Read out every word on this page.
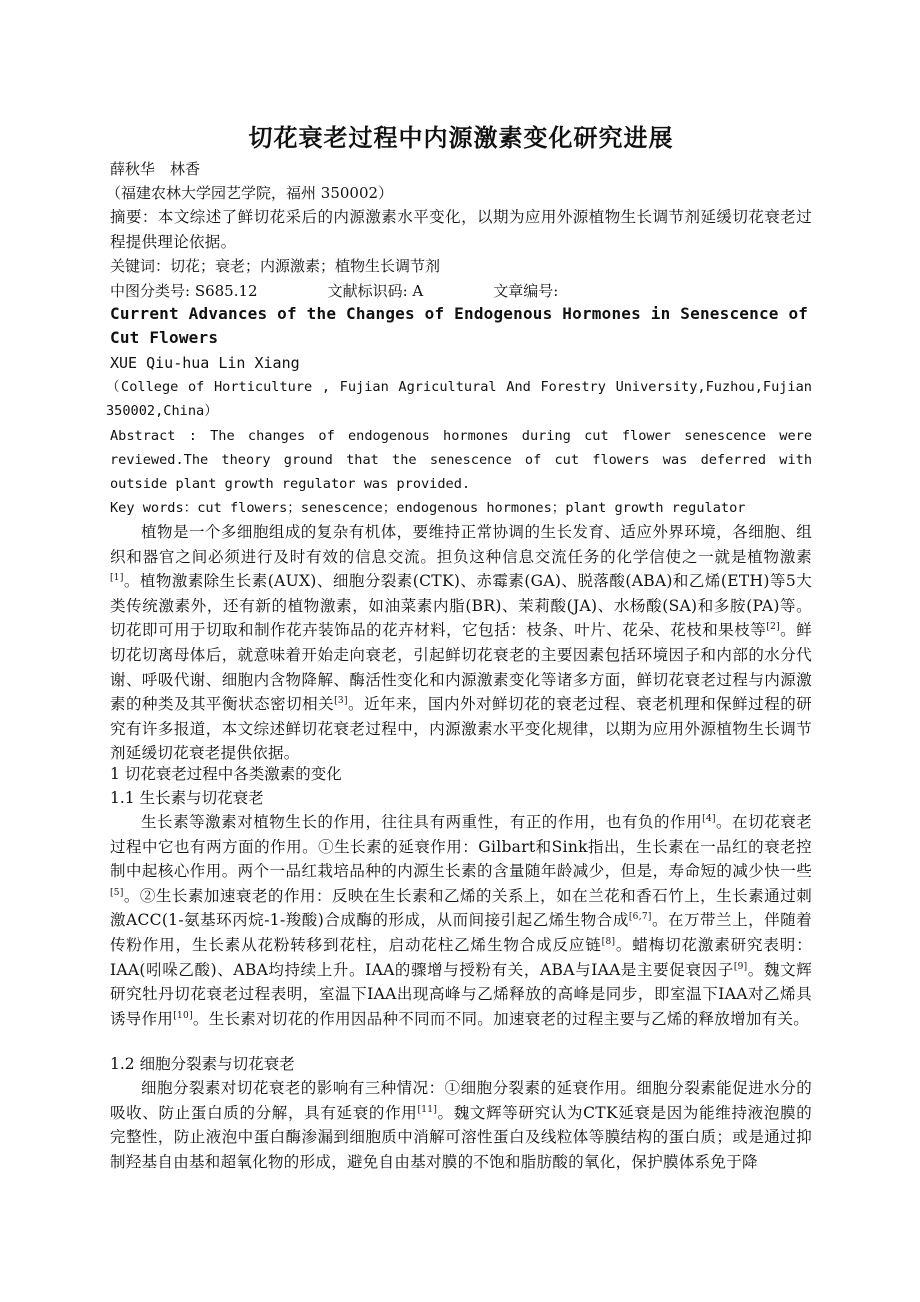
切花衰老过程中内源激素变化研究进展
薛秋华　林香
（福建农林大学园艺学院，福州 350002）

摘要：本文综述了鲜切花采后的内源激素水平变化，以期为应用外源植物生长调节剂延缓切花衰老过程提供理论依据。

关键词：切花；衰老；内源激素；植物生长调节剂
中图分类号: S685.12	文献标识码: A	文章编号:
Current Advances of the Changes of Endogenous Hormones in Senescence of Cut Flowers
XUE Qiu-hua Lin Xiang

（College of Horticulture , Fujian Agricultural And Forestry University,Fuzhou,Fujian 350002,China）

Abstract : The changes of endogenous hormones during cut flower senescence were reviewed.The theory ground that the senescence of cut flowers was deferred with outside plant growth regulator was provided.

Key words：cut flowers；senescence；endogenous hormones；plant growth regulator

植物是一个多细胞组成的复杂有机体，要维持正常协调的生长发育、适应外界环境，各细胞、组织和器官之间必须进行及时有效的信息交流。担负这种信息交流任务的化学信使之一就是植物激素[1]。植物激素除生长素(AUX)、细胞分裂素(CTK)、赤霉素(GA)、脱落酸(ABA)和乙烯(ETH)等5大类传统激素外，还有新的植物激素，如油菜素内脂(BR)、茉莉酸(JA)、水杨酸(SA)和多胺(PA)等。切花即可用于切取和制作花卉装饰品的花卉材料，它包括：枝条、叶片、花朵、花枝和果枝等[2]。鲜切花切离母体后，就意味着开始走向衰老，引起鲜切花衰老的主要因素包括环境因子和内部的水分代谢、呼吸代谢、细胞内含物降解、酶活性变化和内源激素变化等诸多方面，鲜切花衰老过程与内源激素的种类及其平衡状态密切相关[3]。近年来，国内外对鲜切花的衰老过程、衰老机理和保鲜过程的研究有许多报道，本文综述鲜切花衰老过程中，内源激素水平变化规律，以期为应用外源植物生长调节剂延缓切花衰老提供依据。

1 切花衰老过程中各类激素的变化
1.1 生长素与切花衰老

生长素等激素对植物生长的作用，往往具有两重性，有正的作用，也有负的作用[4]。在切花衰老过程中它也有两方面的作用。①生长素的延衰作用：Gilbart和Sink指出，生长素在一品红的衰老控制中起核心作用。两个一品红栽培品种的内源生长素的含量随年龄减少，但是，寿命短的减少快一些[5]。②生长素加速衰老的作用：反映在生长素和乙烯的关系上，如在兰花和香石竹上，生长素通过刺激ACC(1-氨基环丙烷-1-羧酸)合成酶的形成，从而间接引起乙烯生物合成[6,7]。在万带兰上，伴随着传粉作用，生长素从花粉转移到花柱，启动花柱乙烯生物合成反应链[8]。蜡梅切花激素研究表明：IAA(吲哚乙酸)、ABA均持续上升。IAA的骤增与授粉有关，ABA与IAA是主要促衰因子[9]。魏文辉研究牡丹切花衰老过程表明，室温下IAA出现高峰与乙烯释放的高峰是同步，即室温下IAA对乙烯具诱导作用[10]。生长素对切花的作用因品种不同而不同。加速衰老的过程主要与乙烯的释放增加有关。

1.2 细胞分裂素与切花衰老

细胞分裂素对切花衰老的影响有三种情况：①细胞分裂素的延衰作用。细胞分裂素能促进水分的吸收、防止蛋白质的分解，具有延衰的作用[11]。魏文辉等研究认为CTK延衰是因为能维持液泡膜的完整性，防止液泡中蛋白酶渗漏到细胞质中消解可溶性蛋白及线粒体等膜结构的蛋白质；或是通过抑制羟基自由基和超氧化物的形成，避免自由基对膜的不饱和脂肪酸的氧化，保护膜体系免于降
